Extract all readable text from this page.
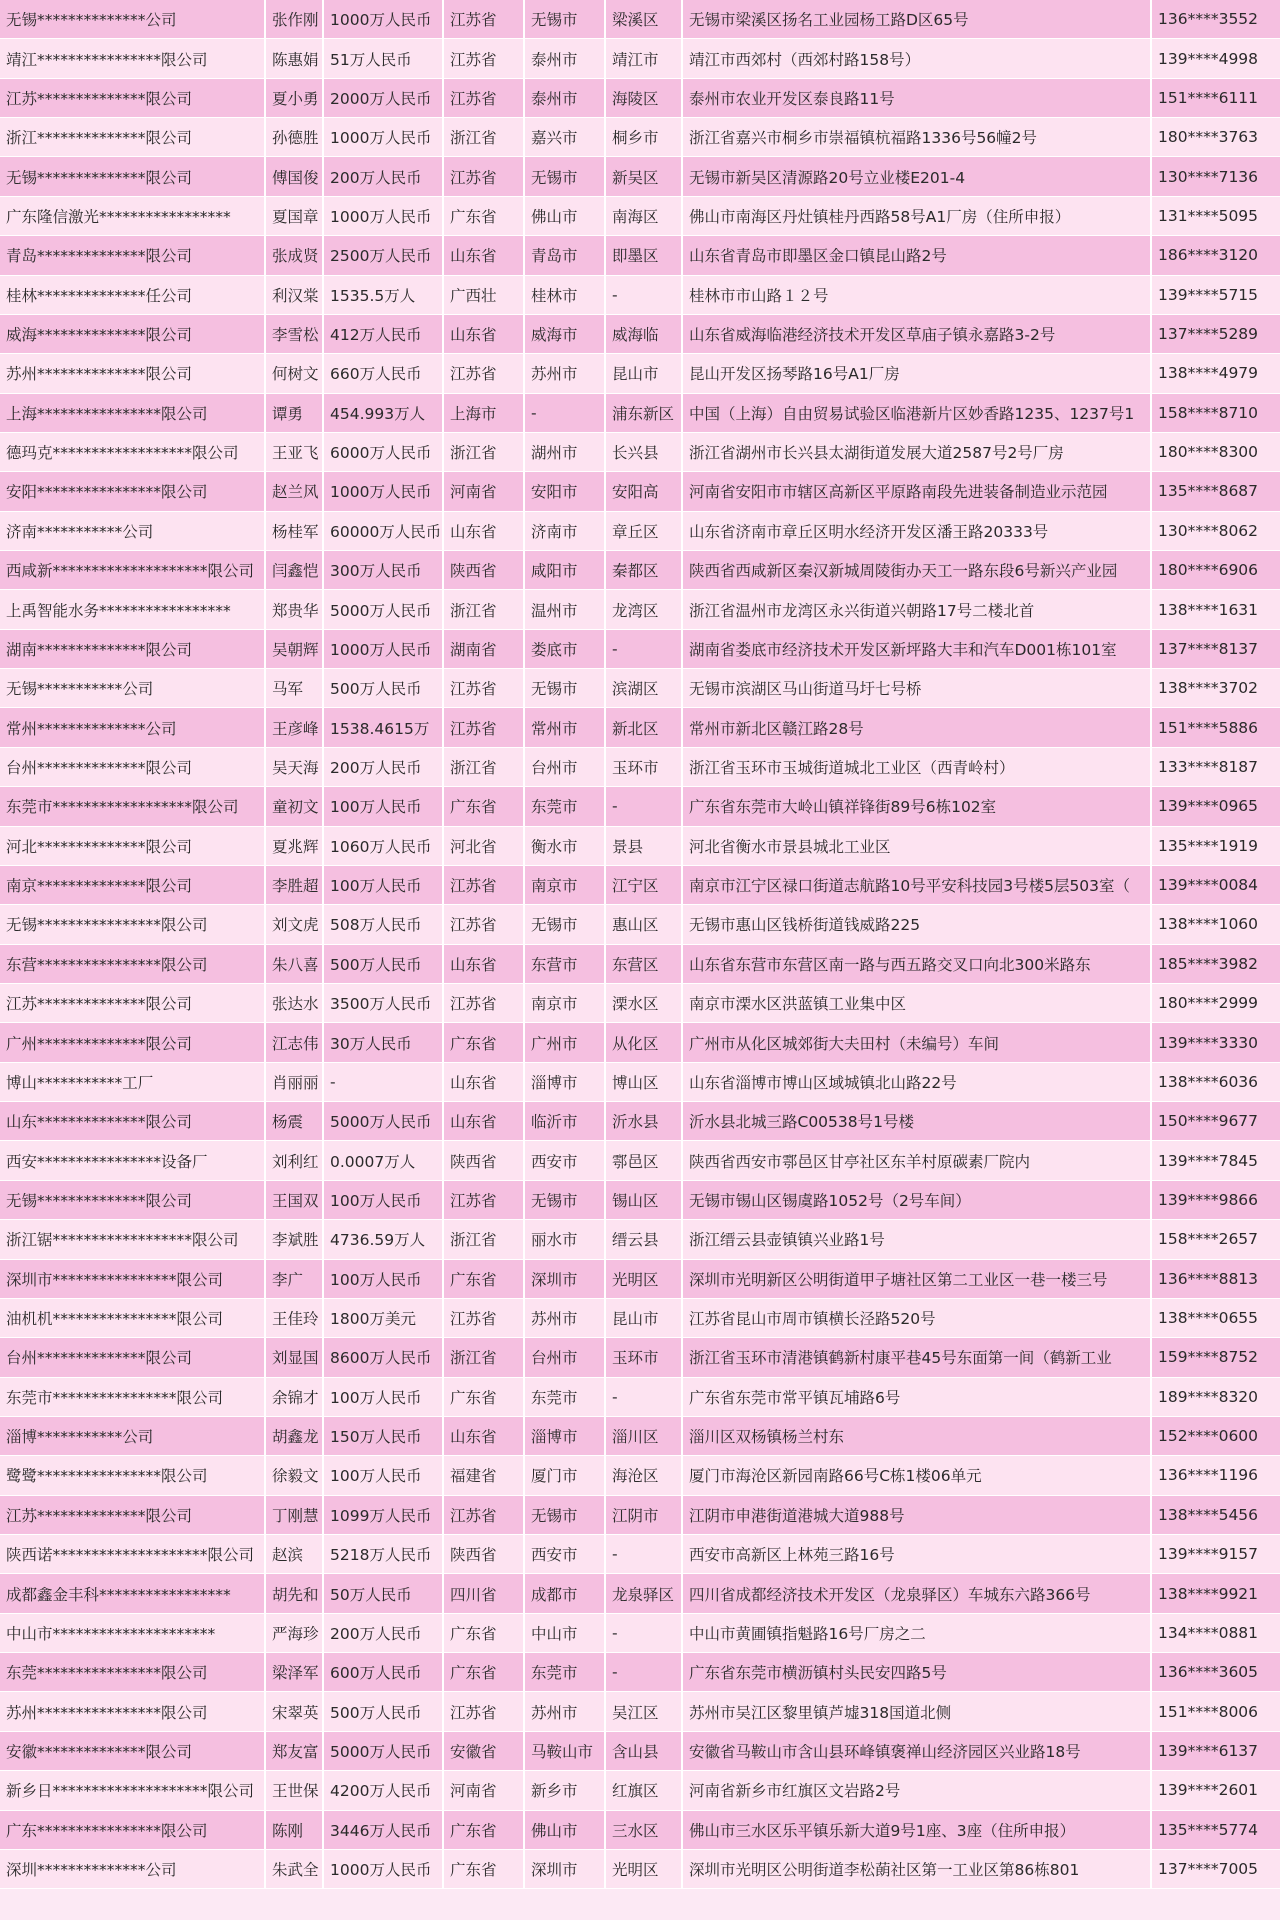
无锡**************公司	张作刚	1000万人民币	江苏省	无锡市	梁溪区	无锡市梁溪区扬名工业园杨工路D区65号	136****3552
靖江****************限公司	陈惠娟	51万人民币	江苏省	泰州市	靖江市	靖江市西郊村（西郊村路158号）	139****4998
江苏**************限公司	夏小勇	2000万人民币	江苏省	泰州市	海陵区	泰州市农业开发区泰良路11号	151****6111
浙江**************限公司	孙德胜	1000万人民币	浙江省	嘉兴市	桐乡市	浙江省嘉兴市桐乡市崇福镇杭福路1336号56幢2号	180****3763
无锡**************限公司	傅国俊	200万人民币	江苏省	无锡市	新吴区	无锡市新吴区清源路20号立业楼E201-4	130****7136
广东隆信激光*****************	夏国章	1000万人民币	广东省	佛山市	南海区	佛山市南海区丹灶镇桂丹西路58号A1厂房（住所申报）	131****5095
青岛**************限公司	张成贤	2500万人民币	山东省	青岛市	即墨区	山东省青岛市即墨区金口镇昆山路2号	186****3120
桂林**************任公司	利汉棠	1535.5万人	广西壮	桂林市	-	桂林市市山路１２号	139****5715
威海**************限公司	李雪松	412万人民币	山东省	威海市	威海临	山东省威海临港经济技术开发区草庙子镇永嘉路3-2号	137****5289
苏州**************限公司	何树文	660万人民币	江苏省	苏州市	昆山市	昆山开发区扬琴路16号A1厂房	138****4979
上海****************限公司	谭勇	454.993万人	上海市	-	浦东新区	中国（上海）自由贸易试验区临港新片区妙香路1235、1237号1	158****8710
德玛克******************限公司	王亚飞	6000万人民币	浙江省	湖州市	长兴县	浙江省湖州市长兴县太湖街道发展大道2587号2号厂房	180****8300
安阳****************限公司	赵兰风	1000万人民币	河南省	安阳市	安阳高	河南省安阳市市辖区高新区平原路南段先进装备制造业示范园	135****8687
济南***********公司	杨桂军	60000万人民币	山东省	济南市	章丘区	山东省济南市章丘区明水经济开发区潘王路20333号	130****8062
西咸新********************限公司	闫鑫恺	300万人民币	陕西省	咸阳市	秦都区	陕西省西咸新区秦汉新城周陵街办天工一路东段6号新兴产业园	180****6906
上禹智能水务*****************	郑贵华	5000万人民币	浙江省	温州市	龙湾区	浙江省温州市龙湾区永兴街道兴朝路17号二楼北首	138****1631
湖南**************限公司	吴朝辉	1000万人民币	湖南省	娄底市	-	湖南省娄底市经济技术开发区新坪路大丰和汽车D001栋101室	137****8137
无锡***********公司	马军	500万人民币	江苏省	无锡市	滨湖区	无锡市滨湖区马山街道马圩七号桥	138****3702
常州**************公司	王彦峰	1538.4615万	江苏省	常州市	新北区	常州市新北区赣江路28号	151****5886
台州**************限公司	吴天海	200万人民币	浙江省	台州市	玉环市	浙江省玉环市玉城街道城北工业区（西青岭村）	133****8187
东莞市******************限公司	童初文	100万人民币	广东省	东莞市	-	广东省东莞市大岭山镇祥锋街89号6栋102室	139****0965
河北**************限公司	夏兆辉	1060万人民币	河北省	衡水市	景县	河北省衡水市景县城北工业区	135****1919
南京**************限公司	李胜超	100万人民币	江苏省	南京市	江宁区	南京市江宁区禄口街道志航路10号平安科技园3号楼5层503室（	139****0084
无锡****************限公司	刘文虎	508万人民币	江苏省	无锡市	惠山区	无锡市惠山区钱桥街道钱威路225	138****1060
东营****************限公司	朱八喜	500万人民币	山东省	东营市	东营区	山东省东营市东营区南一路与西五路交叉口向北300米路东	185****3982
江苏**************限公司	张达水	3500万人民币	江苏省	南京市	溧水区	南京市溧水区洪蓝镇工业集中区	180****2999
广州**************限公司	江志伟	30万人民币	广东省	广州市	从化区	广州市从化区城郊街大夫田村（未编号）车间	139****3330
博山***********工厂	肖丽丽	-	山东省	淄博市	博山区	山东省淄博市博山区域城镇北山路22号	138****6036
山东**************限公司	杨震	5000万人民币	山东省	临沂市	沂水县	沂水县北城三路C00538号1号楼	150****9677
西安****************设备厂	刘利红	0.0007万人	陕西省	西安市	鄠邑区	陕西省西安市鄠邑区甘亭社区东羊村原碳素厂院内	139****7845
无锡**************限公司	王国双	100万人民币	江苏省	无锡市	锡山区	无锡市锡山区锡虞路1052号（2号车间）	139****9866
浙江锯******************限公司	李斌胜	4736.59万人	浙江省	丽水市	缙云县	浙江缙云县壶镇镇兴业路1号	158****2657
深圳市****************限公司	李广	100万人民币	广东省	深圳市	光明区	深圳市光明新区公明街道甲子塘社区第二工业区一巷一楼三号	136****8813
油机机****************限公司	王佳玲	1800万美元	江苏省	苏州市	昆山市	江苏省昆山市周市镇横长泾路520号	138****0655
台州**************限公司	刘显国	8600万人民币	浙江省	台州市	玉环市	浙江省玉环市清港镇鹤新村康平巷45号东面第一间（鹤新工业	159****8752
东莞市****************限公司	余锦才	100万人民币	广东省	东莞市	-	广东省东莞市常平镇瓦埔路6号	189****8320
淄博***********公司	胡鑫龙	150万人民币	山东省	淄博市	淄川区	淄川区双杨镇杨兰村东	152****0600
鹭鹭****************限公司	徐毅文	100万人民币	福建省	厦门市	海沧区	厦门市海沧区新园南路66号C栋1楼06单元	136****1196
江苏**************限公司	丁刚慧	1099万人民币	江苏省	无锡市	江阴市	江阴市申港街道港城大道988号	138****5456
陕西诺********************限公司	赵滨	5218万人民币	陕西省	西安市	-	西安市高新区上林苑三路16号	139****9157
成都鑫金丰科*****************	胡先和	50万人民币	四川省	成都市	龙泉驿区	四川省成都经济技术开发区（龙泉驿区）车城东六路366号	138****9921
中山市*********************	严海珍	200万人民币	广东省	中山市	-	中山市黄圃镇指魁路16号厂房之二	134****0881
东莞****************限公司	梁泽军	600万人民币	广东省	东莞市	-	广东省东莞市横沥镇村头民安四路5号	136****3605
苏州****************限公司	宋翠英	500万人民币	江苏省	苏州市	吴江区	苏州市吴江区黎里镇芦墟318国道北侧	151****8006
安徽**************限公司	郑友富	5000万人民币	安徽省	马鞍山市	含山县	安徽省马鞍山市含山县环峰镇褒禅山经济园区兴业路18号	139****6137
新乡日********************限公司	王世保	4200万人民币	河南省	新乡市	红旗区	河南省新乡市红旗区文岩路2号	139****2601
广东****************限公司	陈刚	3446万人民币	广东省	佛山市	三水区	佛山市三水区乐平镇乐新大道9号1座、3座（住所申报）	135****5774
深圳**************公司	朱武全	1000万人民币	广东省	深圳市	光明区	深圳市光明区公明街道李松蓢社区第一工业区第86栋801	137****7005
